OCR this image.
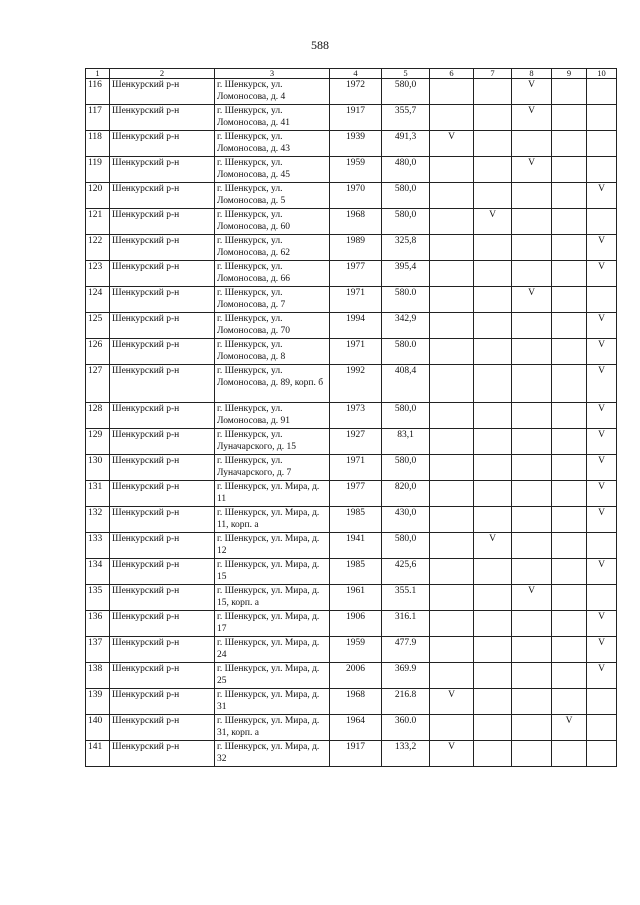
588
1	2	3	4	5	6	7	8	9	10
116	Шенкурский р-н	г. Шенкурск, ул. Ломоносова, д. 4	1972	580,0			V		
117	Шенкурский р-н	г. Шенкурск, ул. Ломоносова, д. 41	1917	355,7			V		
118	Шенкурский р-н	г. Шенкурск, ул. Ломоносова, д. 43	1939	491,3	V				
119	Шенкурский р-н	г. Шенкурск, ул. Ломоносова, д. 45	1959	480,0			V		
120	Шенкурский р-н	г. Шенкурск, ул. Ломоносова, д. 5	1970	580,0					V
121	Шенкурский р-н	г. Шенкурск, ул. Ломоносова, д. 60	1968	580,0		V			
122	Шенкурский р-н	г. Шенкурск, ул. Ломоносова, д. 62	1989	325,8					V
123	Шенкурский р-н	г. Шенкурск, ул. Ломоносова, д. 66	1977	395,4					V
124	Шенкурский р-н	г. Шенкурск, ул. Ломоносова, д. 7	1971	580.0			V		
125	Шенкурский р-н	г. Шенкурск, ул. Ломоносова, д. 70	1994	342,9					V
126	Шенкурский р-н	г. Шенкурск, ул. Ломоносова, д. 8	1971	580.0					V
127	Шенкурский р-н	г. Шенкурск, ул. Ломоносова, д. 89, корп. б	1992	408,4					V
128	Шенкурский р-н	г. Шенкурск, ул. Ломоносова, д. 91	1973	580,0					V
129	Шенкурский р-н	г. Шенкурск, ул. Луначарского, д. 15	1927	83,1					V
130	Шенкурский р-н	г. Шенкурск, ул. Луначарского, д. 7	1971	580,0					V
131	Шенкурский р-н	г. Шенкурск, ул. Мира, д. 11	1977	820,0					V
132	Шенкурский р-н	г. Шенкурск, ул. Мира, д. 11, корп. а	1985	430,0					V
133	Шенкурский р-н	г. Шенкурск, ул. Мира, д. 12	1941	580,0		V			
134	Шенкурский р-н	г. Шенкурск, ул. Мира, д. 15	1985	425,6					V
135	Шенкурский р-н	г. Шенкурск, ул. Мира, д. 15, корп. а	1961	355.1			V		
136	Шенкурский р-н	г. Шенкурск, ул. Мира, д. 17	1906	316.1					V
137	Шенкурский р-н	г. Шенкурск, ул. Мира, д. 24	1959	477.9					V
138	Шенкурский р-н	г. Шенкурск, ул. Мира, д. 25	2006	369.9					V
139	Шенкурский р-н	г. Шенкурск, ул. Мира, д. 31	1968	216.8	V				
140	Шенкурский р-н	г. Шенкурск, ул. Мира, д. 31, корп. а	1964	360.0				V	
141	Шенкурский р-н	г. Шенкурск, ул. Мира, д. 32	1917	133,2	V				
